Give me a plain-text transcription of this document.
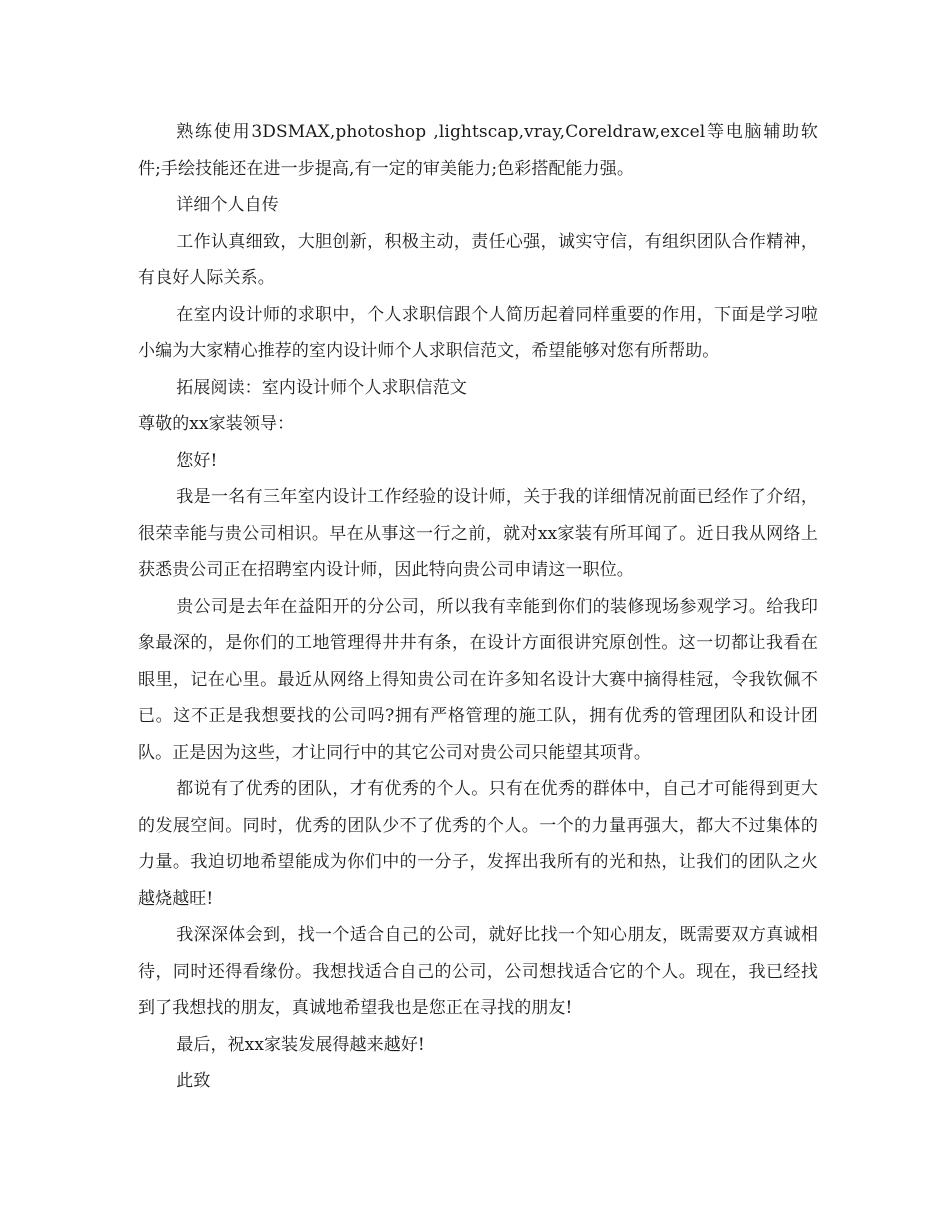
熟练使用3DSMAX,photoshop ,lightscap,vray,Coreldraw,excel等电脑辅助软件;手绘技能还在进一步提高,有一定的审美能力;色彩搭配能力强。

详细个人自传

工作认真细致，大胆创新，积极主动，责任心强，诚实守信，有组织团队合作精神，有良好人际关系。

在室内设计师的求职中，个人求职信跟个人简历起着同样重要的作用，下面是学习啦小编为大家精心推荐的室内设计师个人求职信范文，希望能够对您有所帮助。

拓展阅读：室内设计师个人求职信范文

尊敬的xx家装领导：

您好!

我是一名有三年室内设计工作经验的设计师，关于我的详细情况前面已经作了介绍，很荣幸能与贵公司相识。早在从事这一行之前，就对xx家装有所耳闻了。近日我从网络上获悉贵公司正在招聘室内设计师，因此特向贵公司申请这一职位。

贵公司是去年在益阳开的分公司，所以我有幸能到你们的装修现场参观学习。给我印象最深的，是你们的工地管理得井井有条，在设计方面很讲究原创性。这一切都让我看在眼里，记在心里。最近从网络上得知贵公司在许多知名设计大赛中摘得桂冠，令我钦佩不已。这不正是我想要找的公司吗?拥有严格管理的施工队，拥有优秀的管理团队和设计团队。正是因为这些，才让同行中的其它公司对贵公司只能望其项背。

都说有了优秀的团队，才有优秀的个人。只有在优秀的群体中，自己才可能得到更大的发展空间。同时，优秀的团队少不了优秀的个人。一个的力量再强大，都大不过集体的力量。我迫切地希望能成为你们中的一分子，发挥出我所有的光和热，让我们的团队之火越烧越旺!

我深深体会到，找一个适合自己的公司，就好比找一个知心朋友，既需要双方真诚相待，同时还得看缘份。我想找适合自己的公司，公司想找适合它的个人。现在，我已经找到了我想找的朋友，真诚地希望我也是您正在寻找的朋友!

最后，祝xx家装发展得越来越好!

此致
